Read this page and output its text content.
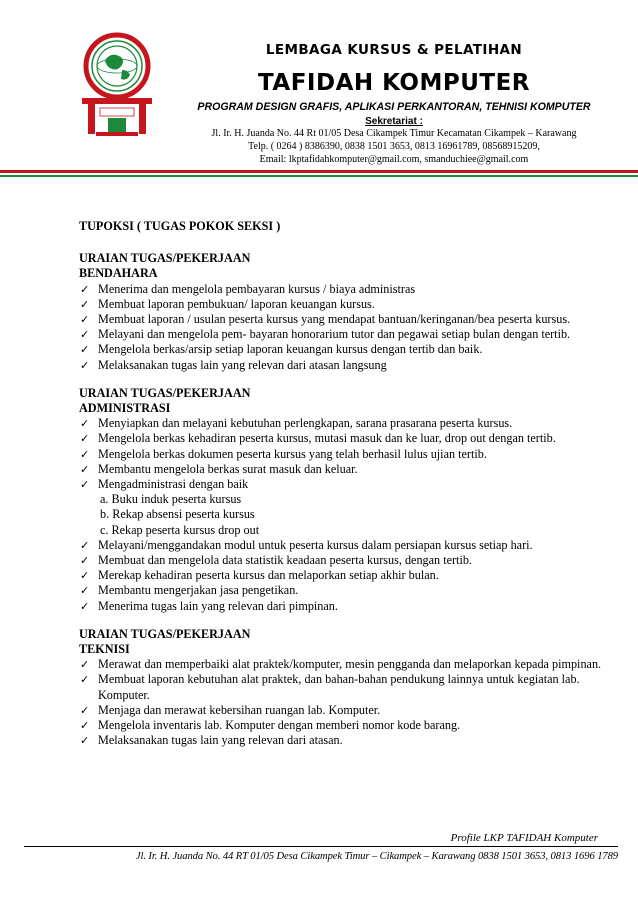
LEMBAGA KURSUS & PELATIHAN
TAFIDAH KOMPUTER
PROGRAM DESIGN GRAFIS, APLIKASI PERKANTORAN, TEHNISI KOMPUTER
Sekretariat :
Jl. Ir. H. Juanda No. 44 Rt 01/05 Desa Cikampek Timur Kecamatan Cikampek – Karawang
Telp. ( 0264 ) 8386390, 0838 1501 3653, 0813 16961789, 08568915209,
Email: lkptafidahkomputer@gmail.com, smanduchiee@gmail.com
TUPOKSI ( TUGAS POKOK SEKSI )
URAIAN TUGAS/PEKERJAAN
BENDAHARA
✓ Menerima dan mengelola pembayaran kursus / biaya administras
✓ Membuat laporan pembukuan/ laporan keuangan kursus.
✓ Membuat laporan / usulan peserta kursus yang mendapat bantuan/keringanan/bea peserta kursus.
✓ Melayani dan mengelola pem- bayaran honorarium tutor dan pegawai setiap bulan dengan tertib.
✓ Mengelola berkas/arsip setiap laporan keuangan kursus dengan tertib dan baik.
✓ Melaksanakan tugas lain yang relevan dari atasan langsung
URAIAN TUGAS/PEKERJAAN
ADMINISTRASI
✓ Menyiapkan dan melayani kebutuhan perlengkapan, sarana prasarana peserta kursus.
✓ Mengelola berkas kehadiran peserta kursus, mutasi masuk dan ke luar, drop out dengan tertib.
✓ Mengelola berkas dokumen peserta kursus yang telah berhasil lulus ujian tertib.
✓ Membantu mengelola berkas surat masuk dan keluar.
✓ Mengadministrasi dengan baik
a. Buku induk peserta kursus
b. Rekap absensi peserta kursus
c. Rekap peserta kursus drop out
✓ Melayani/menggandakan modul untuk peserta kursus dalam persiapan kursus setiap hari.
✓ Membuat dan mengelola data statistik keadaan peserta kursus, dengan tertib.
✓ Merekap kehadiran peserta kursus dan melaporkan setiap akhir bulan.
✓ Membantu mengerjakan jasa pengetikan.
✓ Menerima tugas lain yang relevan dari pimpinan.
URAIAN TUGAS/PEKERJAAN
TEKNISI
✓ Merawat dan memperbaiki alat praktek/komputer, mesin pengganda dan melaporkan kepada pimpinan.
✓ Membuat laporan kebutuhan alat praktek, dan bahan-bahan pendukung lainnya untuk kegiatan lab. Komputer.
✓ Menjaga dan merawat kebersihan ruangan lab. Komputer.
✓ Mengelola inventaris lab. Komputer dengan memberi nomor kode barang.
✓ Melaksanakan tugas lain yang relevan dari atasan.
Profile LKP TAFIDAH Komputer
Jl. Ir. H. Juanda No. 44 RT 01/05 Desa Cikampek Timur – Cikampek – Karawang 0838 1501 3653, 0813 1696 1789
